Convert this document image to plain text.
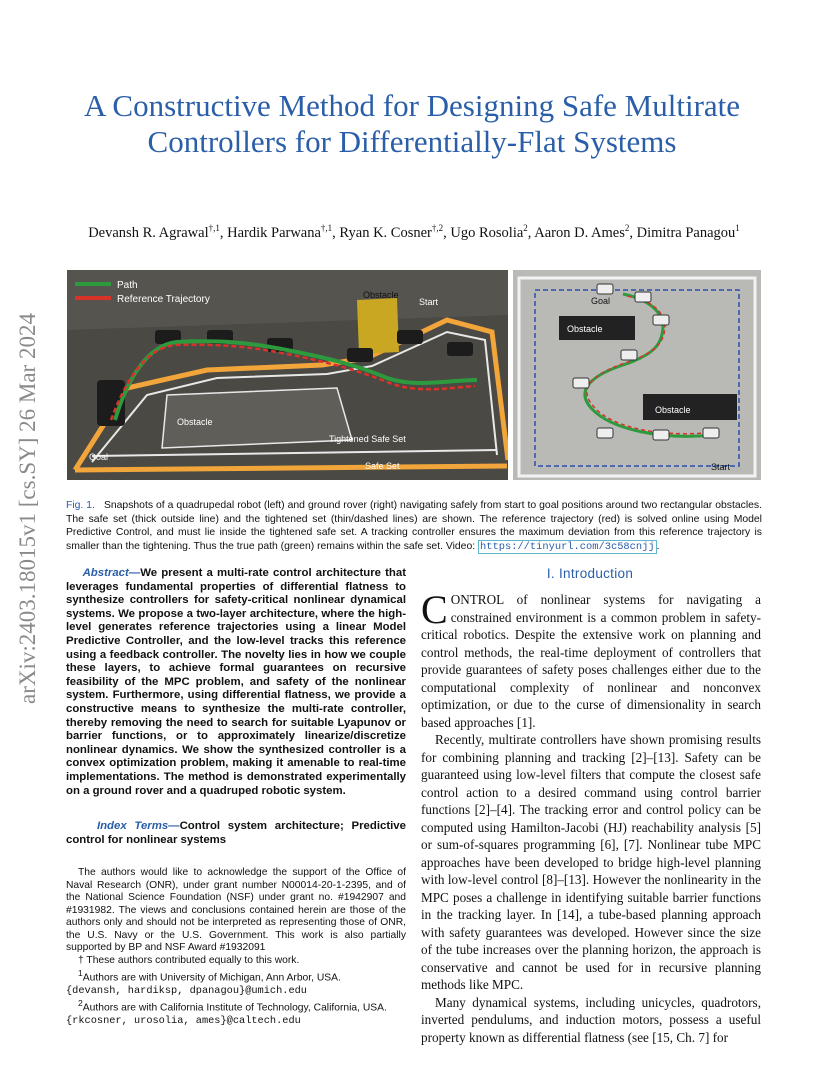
arXiv:2403.18015v1 [cs.SY] 26 Mar 2024
A Constructive Method for Designing Safe Multirate Controllers for Differentially-Flat Systems
Devansh R. Agrawal$^{\dagger,1}$, Hardik Parwana$^{\dagger,1}$, Ryan K. Cosner$^{\dagger,2}$, Ugo Rosolia$^2$, Aaron D. Ames$^2$, Dimitra Panagou$^1$
Path
Reference Trajectory	Obstacle
Start
Obstacle
Goal
Tightened Safe Set
Safe Set
Goal
Obstacle
Obstacle
Start
Fig. 1. Snapshots of a quadrupedal robot (left) and ground rover (right) navigating safely from start to goal positions around two rectangular obstacles. The safe set (thick outside line) and the tightened set (thin/dashed lines) are shown. The reference trajectory (red) is solved online using Model Predictive Control, and must lie inside the tightened safe set. A tracking controller ensures the maximum deviation from this reference trajectory is smaller than the tightening. Thus the true path (green) remains within the safe set. Video: https://tinyurl.com/3c58cnjj .
Abstract—We present a multi-rate control architecture that leverages fundamental properties of differential flatness to synthesize controllers for safety-critical nonlinear dynamical systems. We propose a two-layer architecture, where the high-level generates reference trajectories using a linear Model Predictive Controller, and the low-level tracks this reference using a feedback controller. The novelty lies in how we couple these layers, to achieve formal guarantees on recursive feasibility of the MPC problem, and safety of the nonlinear system. Furthermore, using differential flatness, we provide a constructive means to synthesize the multi-rate controller, thereby removing the need to search for suitable Lyapunov or barrier functions, or to approximately linearize/discretize nonlinear dynamics. We show the synthesized controller is a convex optimization problem, making it amenable to real-time implementations. The method is demonstrated experimentally on a ground rover and a quadruped robotic system.
Index Terms—Control system architecture; Predictive control for nonlinear systems

The authors would like to acknowledge the support of the Office of Naval Research (ONR), under grant number N00014-20-1-2395, and of the National Science Foundation (NSF) under grant no. #1942907 and #1931982. The views and conclusions contained herein are those of the authors only and should not be interpreted as representing those of ONR, the U.S. Navy or the U.S. Government. This work is also partially supported by BP and NSF Award #1932091

† These authors contributed equally to this work.

$^1$Authors are with University of Michigan, Ann Arbor, USA.

{devansh, hardiksp, dpanagou}@umich.edu

$^2$Authors are with California Institute of Technology, California, USA.

{rkcosner, urosolia, ames}@caltech.edu

I. Introduction

CONTROL of nonlinear systems for navigating a constrained environment is a common problem in safety-critical robotics. Despite the extensive work on planning and control methods, the real-time deployment of controllers that provide guarantees of safety poses challenges either due to the computational complexity of nonlinear and nonconvex optimization, or due to the curse of dimensionality in search based approaches [1].

Recently, multirate controllers have shown promising results for combining planning and tracking [2]–[13]. Safety can be guaranteed using low-level filters that compute the closest safe control action to a desired command using control barrier functions [2]–[4]. The tracking error and control policy can be computed using Hamilton-Jacobi (HJ) reachability analysis [5] or sum-of-squares programming [6], [7]. Nonlinear tube MPC approaches have been developed to bridge high-level planning with low-level control [8]–[13]. However the nonlinearity in the MPC poses a challenge in identifying suitable barrier functions in the tracking layer. In [14], a tube-based planning approach with safety guarantees was developed. However since the size of the tube increases over the planning horizon, the approach is conservative and cannot be used for in recursive planning methods like MPC.

Many dynamical systems, including unicycles, quadrotors, inverted pendulums, and induction motors, possess a useful property known as differential flatness (see [15, Ch. 7] for
